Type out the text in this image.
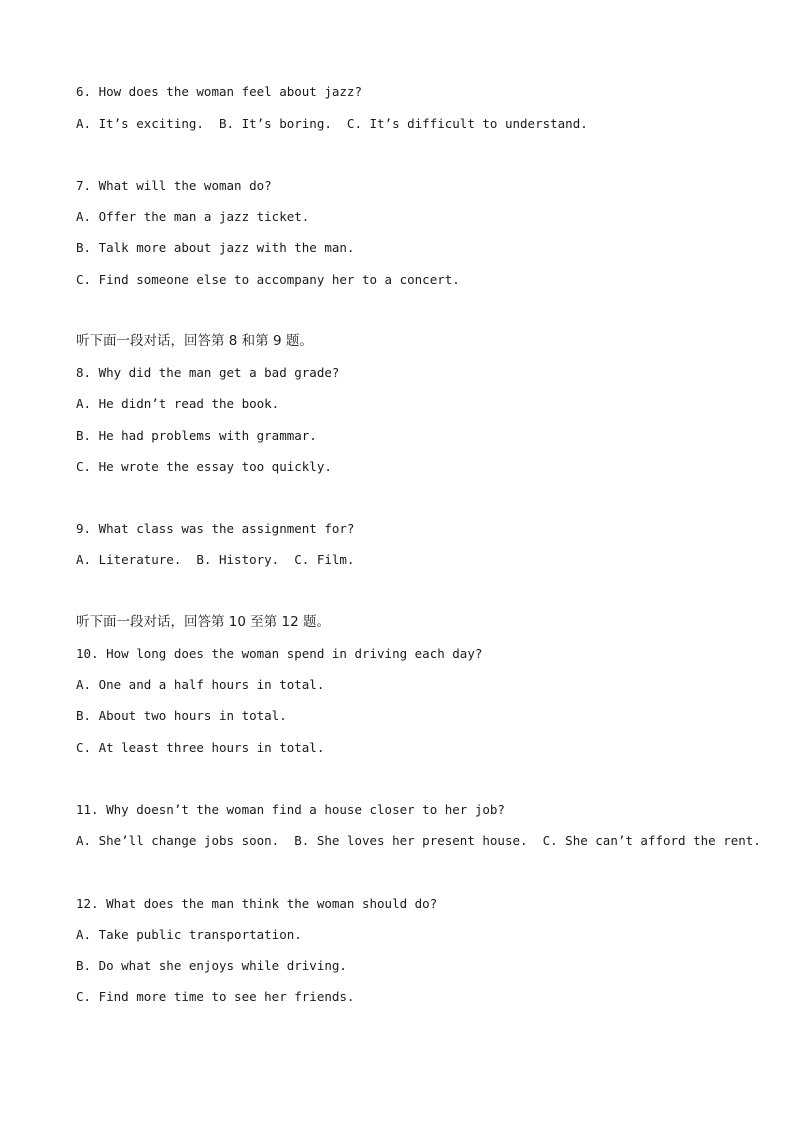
6. How does the woman feel about jazz?
A. It’s exciting.  B. It’s boring.  C. It’s difficult to understand.
7. What will the woman do?
A. Offer the man a jazz ticket.
B. Talk more about jazz with the man.
C. Find someone else to accompany her to a concert.
听下面一段对话，回答第 8 和第 9 题。
8. Why did the man get a bad grade?
A. He didn’t read the book.
B. He had problems with grammar.
C. He wrote the essay too quickly.
9. What class was the assignment for?
A. Literature.  B. History.  C. Film.
听下面一段对话，回答第 10 至第 12 题。
10. How long does the woman spend in driving each day?
A. One and a half hours in total.
B. About two hours in total.
C. At least three hours in total.
11. Why doesn’t the woman find a house closer to her job?
A. She’ll change jobs soon.  B. She loves her present house.  C. She can’t afford the rent.
12. What does the man think the woman should do?
A. Take public transportation.
B. Do what she enjoys while driving.
C. Find more time to see her friends.
